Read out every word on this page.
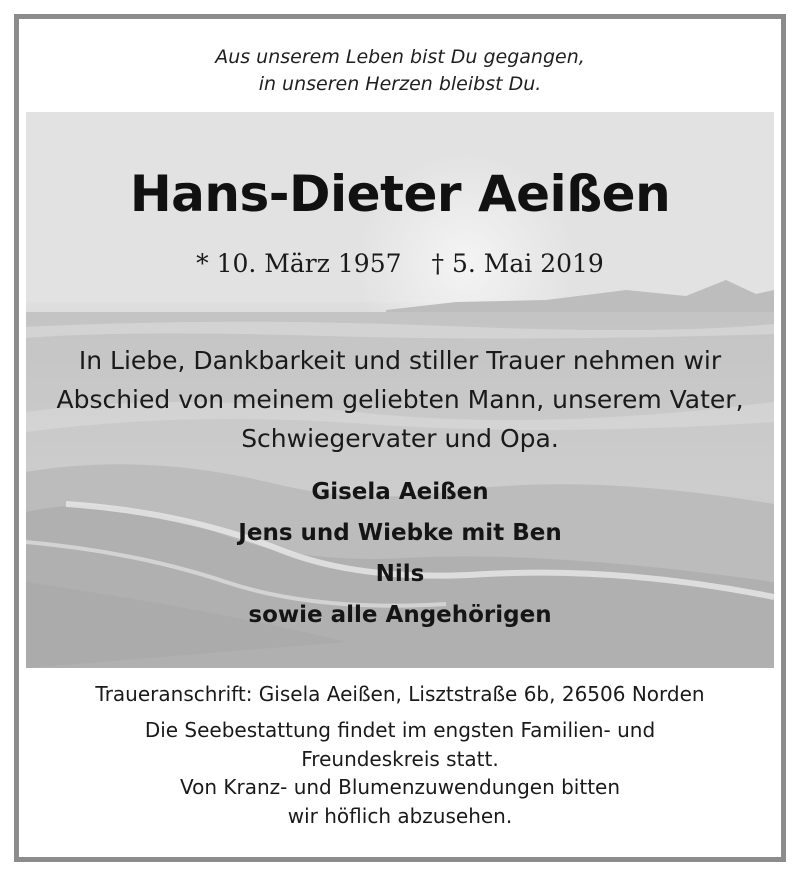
Aus unserem Leben bist Du gegangen,
in unseren Herzen bleibst Du.
Hans-Dieter Aeißen
* 10. März 1957 † 5. Mai 2019
In Liebe, Dankbarkeit und stiller Trauer nehmen wir
Abschied von meinem geliebten Mann, unserem Vater,
Schwiegervater und Opa.
Gisela Aeißen
Jens und Wiebke mit Ben
Nils
sowie alle Angehörigen
Traueranschrift: Gisela Aeißen, Lisztstraße 6b, 26506 Norden
Die Seebestattung findet im engsten Familien- und
Freundeskreis statt.
Von Kranz- und Blumenzuwendungen bitten
wir höflich abzusehen.
